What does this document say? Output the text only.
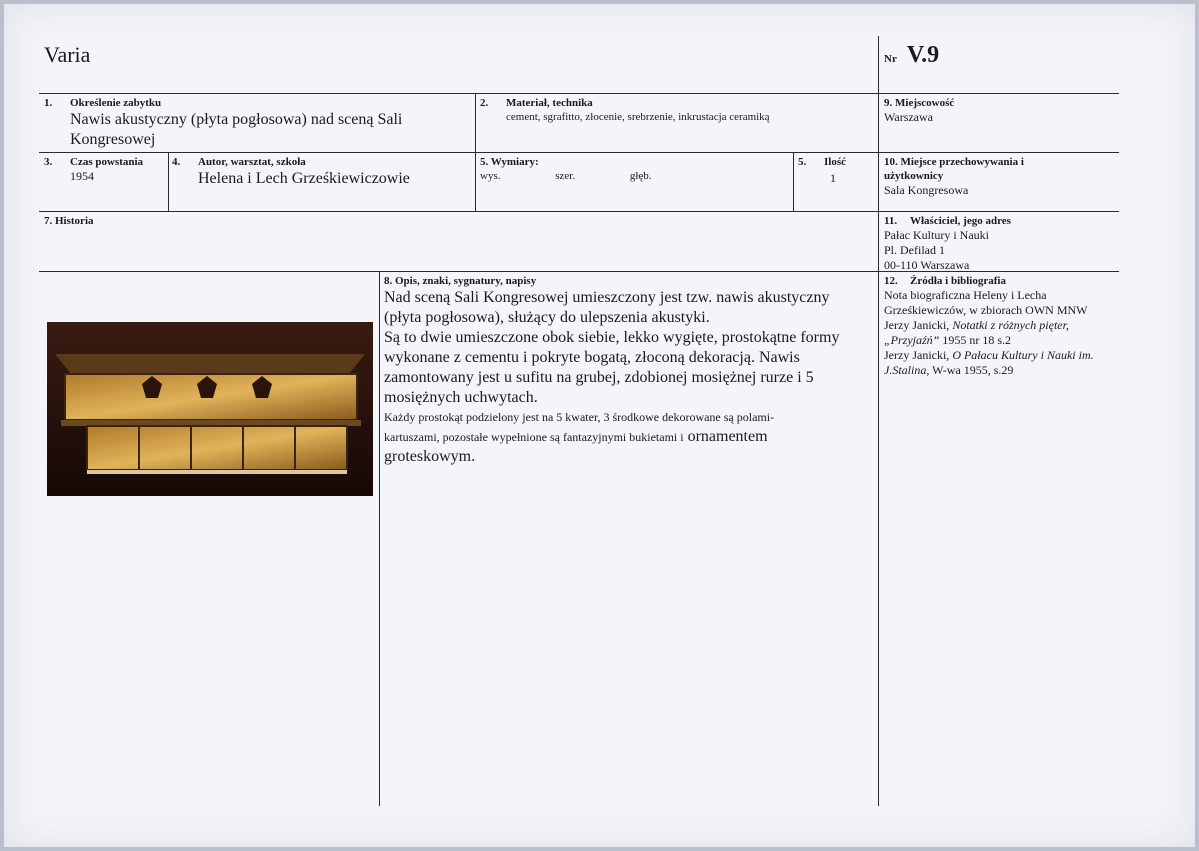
Varia	Nr V.9
1. Określenie zabytku
Nawis akustyczny (płyta pogłosowa) nad sceną Sali
Kongresowej
2. Materiał, technika
cement, sgrafitto, złocenie, srebrzenie, inkrustacja ceramiką
9. Miejscowość
Warszawa
3. Czas powstania
1954
4. Autor, warsztat, szkoła
Helena i Lech Grześkiewiczowie
5. Wymiary:
wys.	szer.	głęb.
5. Ilość
1
10. Miejsce przechowywania i
użytkownicy
Sala Kongresowa
7. Historia	11. Właściciel, jego adres
Pałac Kultury i Nauki
Pl. Defilad 1
00-110 Warszawa
8. Opis, znaki, sygnatury, napisy
Nad sceną Sali Kongresowej umieszczony jest tzw. nawis akustyczny
(płyta pogłosowa), służący do ulepszenia akustyki.
Są to dwie umieszczone obok siebie, lekko wygięte, prostokątne formy
wykonane z cementu i pokryte bogatą, złoconą dekoracją. Nawis
zamontowany jest u sufitu na grubej, zdobionej mosiężnej rurze i 5
mosiężnych uchwytach.
Każdy prostokąt podzielony jest na 5 kwater, 3 środkowe dekorowane są polami-
kartuszami, pozostałe wypełnione są fantazyjnymi bukietami i ornamentem
groteskowym.
12. Źródła i bibliografia
Nota biograficzna Heleny i Lecha
Grześkiewiczów, w zbiorach OWN MNW
Jerzy Janicki, Notatki z różnych pięter,
„Przyjaźń” 1955 nr 18 s.2
Jerzy Janicki, O Pałacu Kultury i Nauki im.
J.Stalina, W-wa 1955, s.29
